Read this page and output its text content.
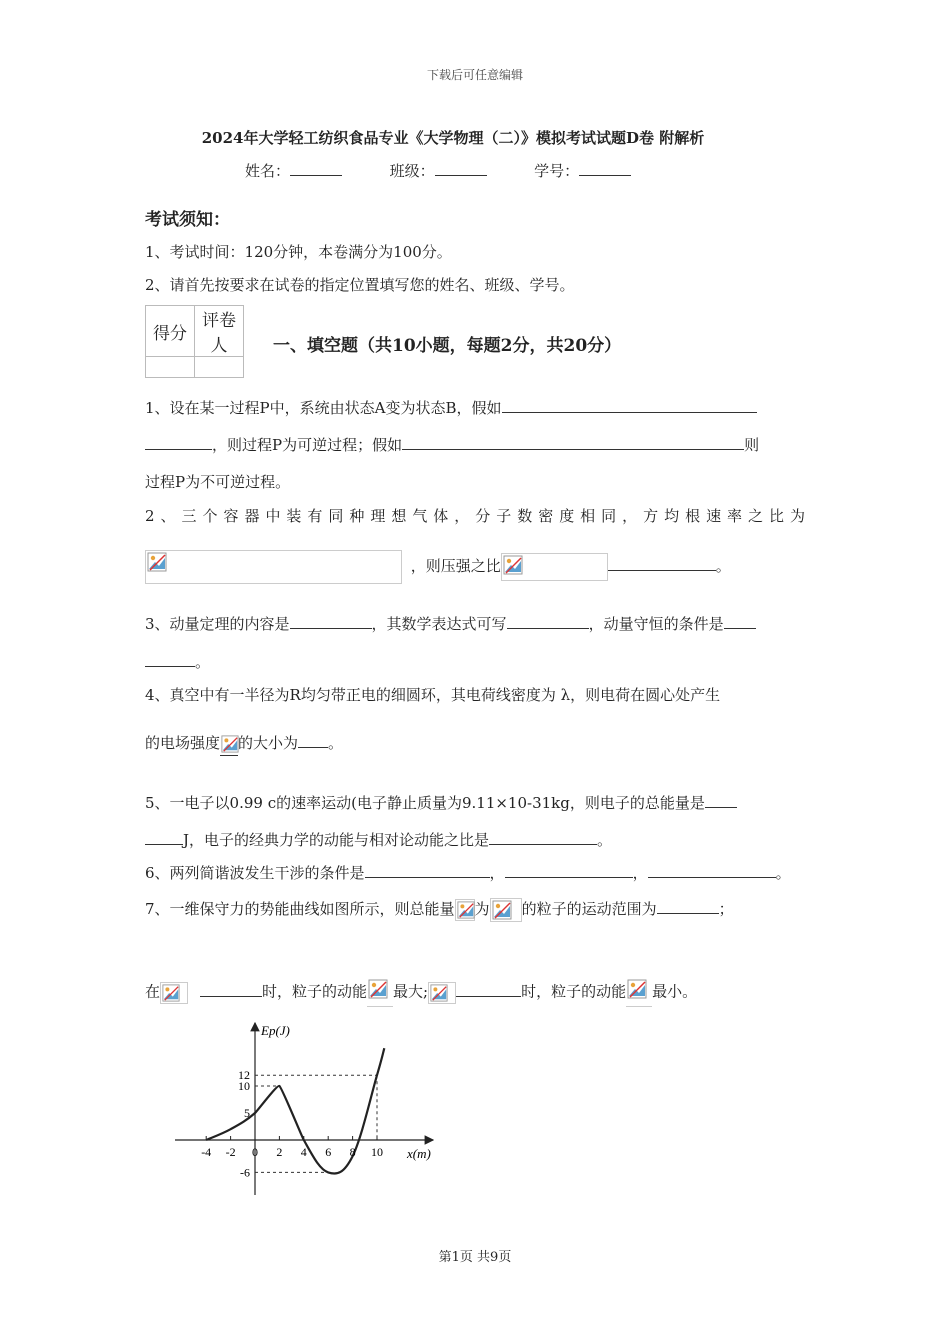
下载后可任意编辑
2024年大学轻工纺织食品专业《大学物理（二）》模拟考试试题D卷 附解析
姓名：	班级：	学号：
考试须知：
1、考试时间：120分钟，本卷满分为100分。
2、请首先按要求在试卷的指定位置填写您的姓名、班级、学号。
得分	评卷人
		一、填空题（共10小题，每题2分，共20分）
1、设在某一过程P中，系统由状态A变为状态B，假如
，则过程P为可逆过程；假如	则
过程P为不可逆过程。
2、三个容器中装有同种理想气体，分子数密度相同，方均根速率之比为
，则压强之比	。
3、动量定理的内容是	，其数学表达式可写	，动量守恒的条件是
。
4、真空中有一半径为R均匀带正电的细圆环，其电荷线密度为 λ，则电荷在圆心处产生
的电场强度 的大小为 。
5、一电子以0.99 c的速率运动(电子静止质量为9.11×10-31kg，则电子的总能量是
J，电子的经典力学的动能与相对论动能之比是	。
6、两列简谐波发生干涉的条件是	，	，	。
7、一维保守力的势能曲线如图所示，则总能量 为 的粒子的运动范围为	；
在	时，粒子的动能 最大;	时，粒子的动能 最小。
-4 -2 0 2 4 6 8 10
12
10
5
-6
Ep(J)
x(m)
第1页 共9页
